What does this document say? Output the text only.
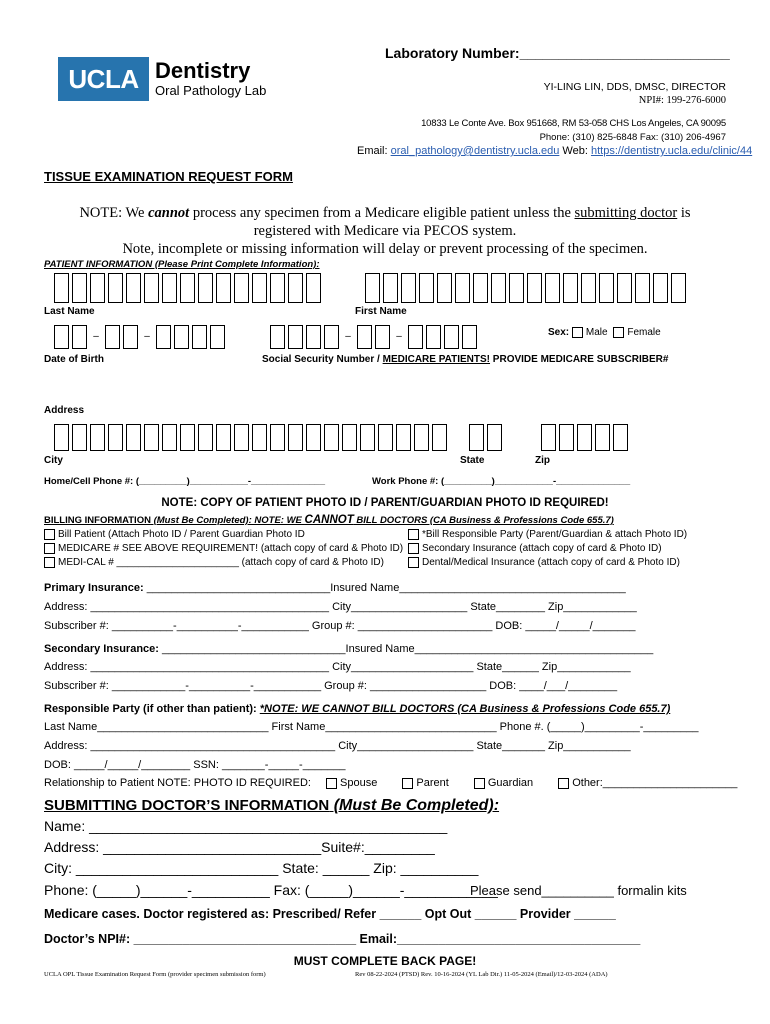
Laboratory Number:___________________________
UCLA Dentistry
Oral Pathology Lab	YI-LING LIN, DDS, DMSC, DIRECTOR
NPI#: 199-276-6000
10833 Le Conte Ave. Box 951668, RM 53-058 CHS Los Angeles, CA 90095
Phone: (310) 825-6848 Fax: (310) 206-4967
Email: oral_pathology@dentistry.ucla.edu Web: https://dentistry.ucla.edu/clinic/44
TISSUE EXAMINATION REQUEST FORM
NOTE: We cannot process any specimen from a Medicare eligible patient unless the submitting doctor is
registered with Medicare via PECOS system.
Note, incomplete or missing information will delay or prevent processing of the specimen.
PATIENT INFORMATION (Please Print Complete Information):
Last Name	First Name
–	–	–	–	Sex: Male Female
Date of Birth	Social Security Number / MEDICARE PATIENTS! PROVIDE MEDICARE SUBSCRIBER#
Address
City	State	Zip
Home/Cell Phone #: (_________)___________-______________	Work Phone #: (_________)___________-______________
NOTE: COPY OF PATIENT PHOTO ID / PARENT/GUARDIAN PHOTO ID REQUIRED!
BILLING INFORMATION (Must Be Completed): NOTE: WE CANNOT BILL DOCTORS (CA Business & Professions Code 655.7)
Bill Patient (Attach Photo ID / Parent Guardian Photo ID
MEDICARE # SEE ABOVE REQUIREMENT! (attach copy of card & Photo ID)
MEDI-CAL # ______________________ (attach copy of card & Photo ID)
*Bill Responsible Party (Parent/Guardian & attach Photo ID)
Secondary Insurance (attach copy of card & Photo ID)
Dental/Medical Insurance (attach copy of card & Photo ID)
Primary Insurance: ______________________________Insured Name_____________________________________
Address: _______________________________________ City___________________ State________ Zip____________
Subscriber #: __________-__________-___________ Group #: ______________________ DOB: _____/_____/_______
Secondary Insurance: ______________________________Insured Name_______________________________________
Address: _______________________________________ City____________________ State______ Zip____________
Subscriber #: ____________-__________-___________ Group #: ___________________ DOB: ____/___/________
Responsible Party (if other than patient): *NOTE: WE CANNOT BILL DOCTORS (CA Business & Professions Code 655.7)
Last Name____________________________ First Name____________________________ Phone #. (_____)_________-_________
Address: ________________________________________ City___________________ State_______ Zip___________
DOB: _____/_____/________ SSN: _______-_____-_______
Relationship to Patient NOTE: PHOTO ID REQUIRED:	Spouse	Parent	Guardian	Other:______________________
SUBMITTING DOCTOR’S INFORMATION (Must Be Completed):
Name: ______________________________________________
Address: ____________________________Suite#:_________
City: __________________________ State: ______ Zip: __________
Phone: (_____)______-__________ Fax: (_____)______-____________
Please send__________ formalin kits
Medicare cases. Doctor registered as: Prescribed/ Refer ______ Opt Out ______ Provider ______
Doctor’s NPI#: ________________________________ Email:___________________________________
MUST COMPLETE BACK PAGE!
UCLA OPL Tissue Examination Request Form (provider specimen submission form)	Rev 08-22-2024 (PTSD) Rev. 10-16-2024 (YL Lab Dir.) 11-05-2024 (Email)/12-03-2024 (ADA)
